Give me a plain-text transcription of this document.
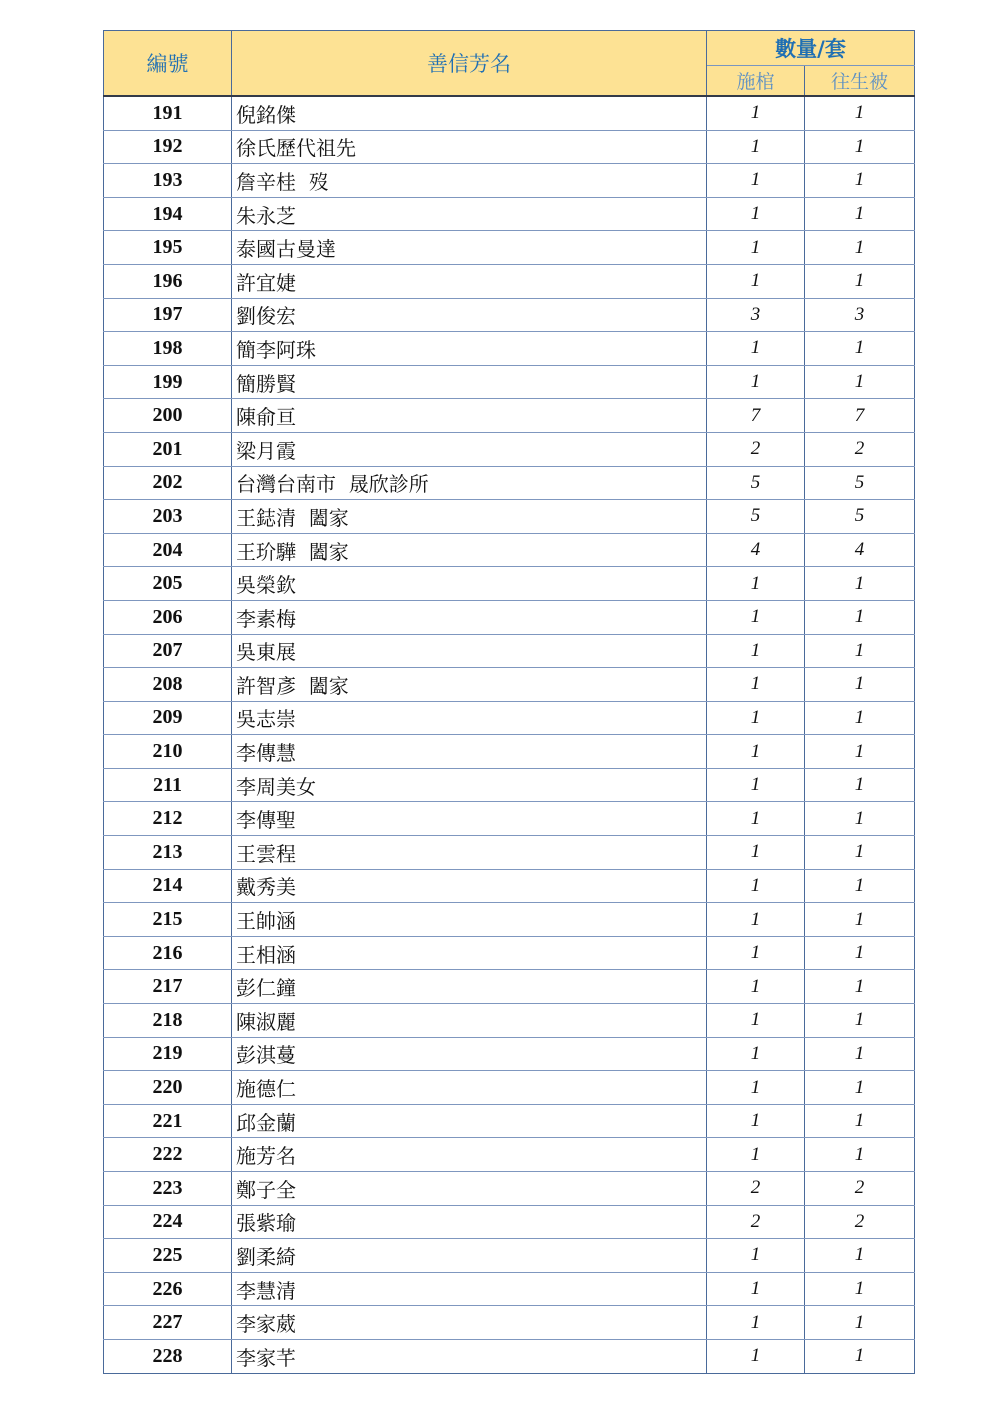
編號	善信芳名	數量/套	
		施棺	往生被
191	倪銘傑	1	1
192	徐氏歷代祖先	1	1
193	詹辛桂  歿	1	1
194	朱永芝	1	1
195	泰國古曼達	1	1
196	許宜婕	1	1
197	劉俊宏	3	3
198	簡李阿珠	1	1
199	簡勝賢	1	1
200	陳俞亘	7	7
201	梁月霞	2	2
202	台灣台南市  晟欣診所	5	5
203	王鋕清  闔家	5	5
204	王玠驊  闔家	4	4
205	吳榮欽	1	1
206	李素梅	1	1
207	吳東展	1	1
208	許智彥  闔家	1	1
209	吳志崇	1	1
210	李傳慧	1	1
211	李周美女	1	1
212	李傳聖	1	1
213	王雲程	1	1
214	戴秀美	1	1
215	王帥涵	1	1
216	王相涵	1	1
217	彭仁鐘	1	1
218	陳淑麗	1	1
219	彭淇蔓	1	1
220	施德仁	1	1
221	邱金蘭	1	1
222	施芳名	1	1
223	鄭子全	2	2
224	張紫瑜	2	2
225	劉柔綺	1	1
226	李慧清	1	1
227	李家葳	1	1
228	李家芊	1	1
